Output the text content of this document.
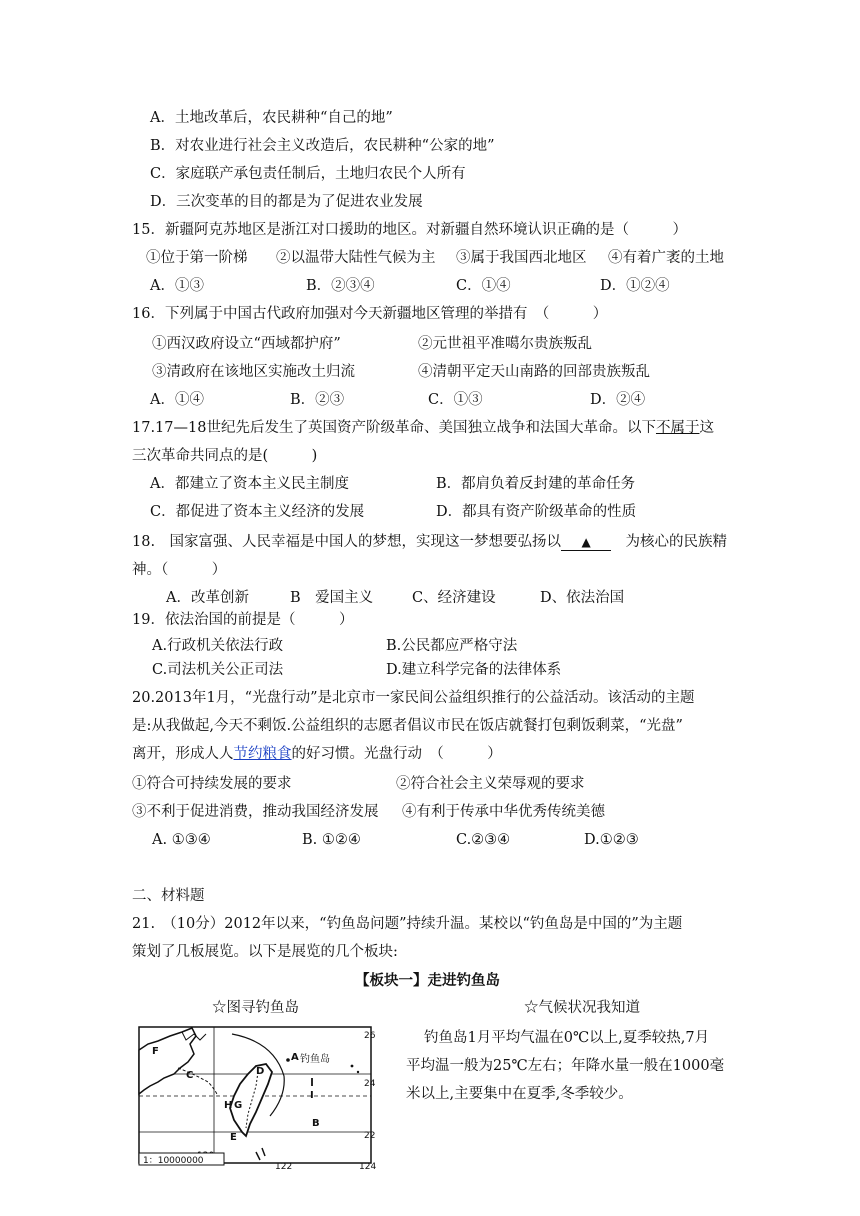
A．土地改革后，农民耕种“自己的地”
B．对农业进行社会主义改造后，农民耕种“公家的地”
C．家庭联产承包责任制后，土地归农民个人所有
D．三次变革的目的都是为了促进农业发展
15．新疆阿克苏地区是浙江对口援助的地区。对新疆自然环境认识正确的是（　　　）
①位于第一阶梯 ②以温带大陆性气候为主 ③属于我国西北地区 ④有着广袤的土地
A．①③	B．②③④	C．①④	D．①②④
16．下列属于中国古代政府加强对今天新疆地区管理的举措有　（　　　）
①西汉政府设立“西域都护府”	②元世祖平准噶尔贵族叛乱
③清政府在该地区实施改土归流	④清朝平定天山南路的回部贵族叛乱
A．①④	B．②③	C．①③	D．②④
17.17—18世纪先后发生了英国资产阶级革命、美国独立战争和法国大革命。以下不属于这
三次革命共同点的是(　　　)
A．都建立了资本主义民主制度	B．都肩负着反封建的革命任务
C．都促进了资本主义经济的发展	D．都具有资产阶级革命的性质
18.　国家富强、人民幸福是中国人的梦想，实现这一梦想要弘扬以 ▲　为核心的民族精
神。（　　　）
A．改革创新	B　爱国主义	C、经济建设	D、依法治国
19．依法治国的前提是（　　　）
A.行政机关依法行政	B.公民都应严格守法
C.司法机关公正司法	D.建立科学完备的法律体系
20.2013年1月，“光盘行动”是北京市一家民间公益组织推行的公益活动。该活动的主题
是:从我做起,今天不剩饭.公益组织的志愿者倡议市民在饭店就餐打包剩饭剩菜，“光盘”
离开，形成人人节约粮食的好习惯。光盘行动　（　　　）
①符合可持续发展的要求	②符合社会主义荣辱观的要求
③不利于促进消费，推动我国经济发展 ④有利于传承中华优秀传统美德
A. ①③④	B. ①②④	C.②③④	D.①②③
二、材料题
21.　（10分）2012年以来，“钓鱼岛问题”持续升温。某校以“钓鱼岛是中国的”为主题
策划了几板展览。以下是展览的几个板块:
【板块一】走进钓鱼岛
☆图寻钓鱼岛	☆气候状况我知道
钓鱼岛1月平均气温在0℃以上,夏季较热,7月
平均温一般为25℃左右；年降水量一般在1000毫
米以上,主要集中在夏季,冬季较少。
钓鱼岛
26
24
22
122	124
1：10000000
A
B
C	D
E
F
G
H
I
